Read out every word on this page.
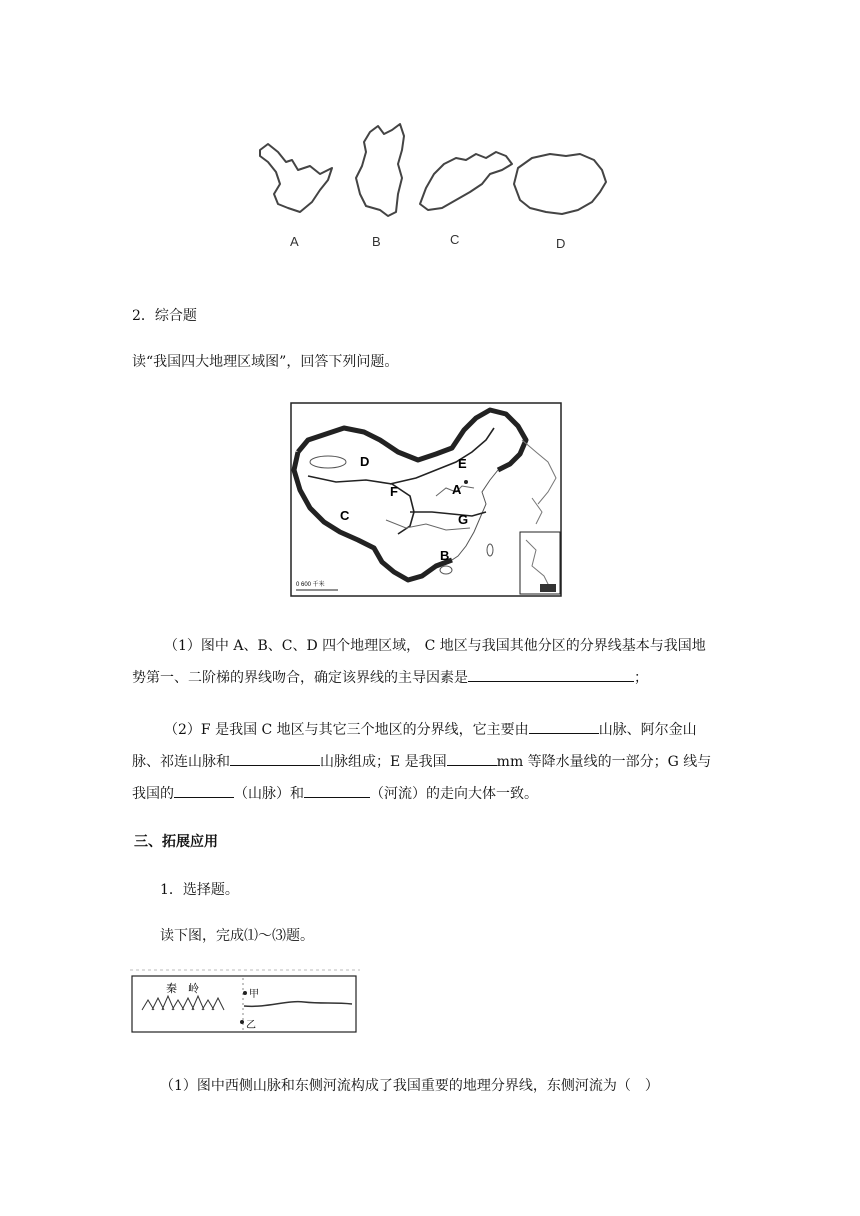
A	B	C	D
2．综合题
读“我国四大地理区域图”，回答下列问题。
D	E
F	A
C	G
B
0 600 千米
（1）图中 A、B、C、D 四个地理区域， C 地区与我国其他分区的分界线基本与我国地
势第一、二阶梯的界线吻合，确定该界线的主导因素是	；
（2）F 是我国 C 地区与其它三个地区的分界线，它主要由	山脉、阿尔金山
脉、祁连山脉和	山脉组成；E 是我国	mm 等降水量线的一部分；G 线与
我国的	（山脉）和	（河流）的走向大体一致。
三、拓展应用
1．选择题。
读下图，完成⑴～⑶题。
秦　岭	甲
乙
（1）图中西侧山脉和东侧河流构成了我国重要的地理分界线，东侧河流为（　）
